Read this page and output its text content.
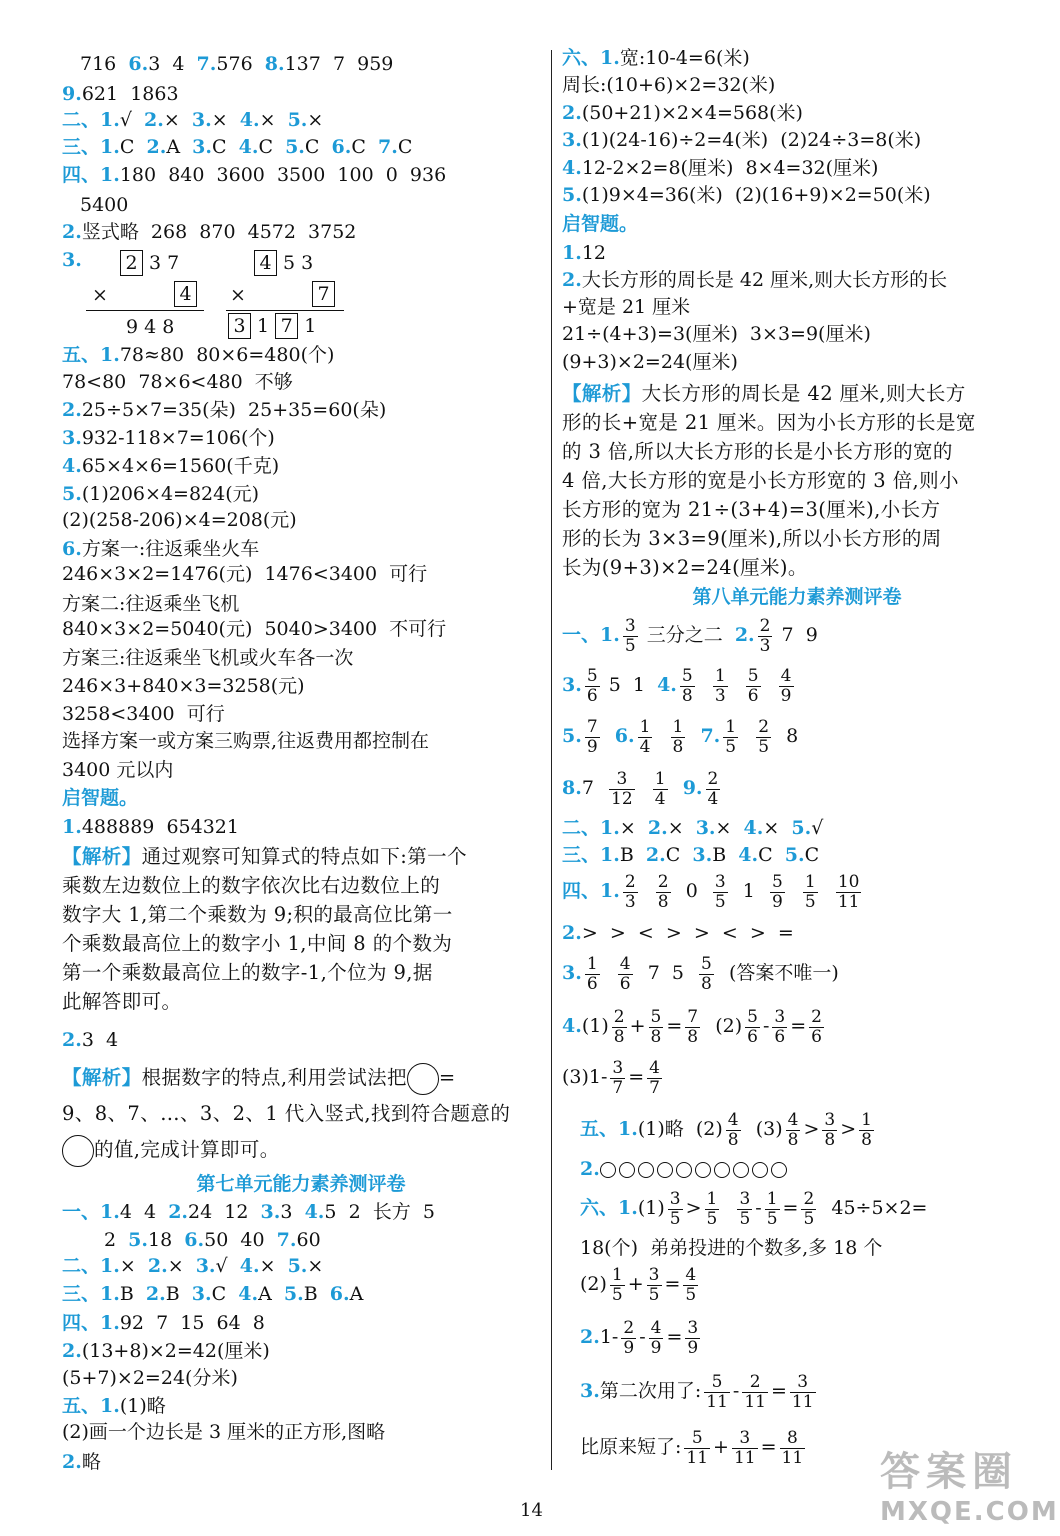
716  6.3  4  7.576  8.137  7  959
9.621  1863
二、1.√  2.×  3.×  4.×  5.×
三、1.C  2.A  3.C  4.C  5.C  6.C  7.C
四、1.180  840  3600  3500  100  0  936
5400
2.竖式略  268  870  4572  3752
3. 2 3 7	4 5 3
×	4 ×	7
9 4 8	3 1 7 1
五、1.78≈80  80×6=480(个)
78<80  78×6<480  不够
2.25÷5×7=35(朵)  25+35=60(朵)
3.932-118×7=106(个)
4.65×4×6=1560(千克)
5.(1)206×4=824(元)
(2)(258-206)×4=208(元)
6.方案一:往返乘坐火车
246×3×2=1476(元)  1476<3400  可行
方案二:往返乘坐飞机
840×3×2=5040(元)  5040>3400  不可行
方案三:往返乘坐飞机或火车各一次
246×3+840×3=3258(元)
3258<3400  可行
选择方案一或方案三购票,往返费用都控制在
3400 元以内
启智题。
1.488889  654321
【解析】通过观察可知算式的特点如下:第一个
乘数左边数位上的数字依次比右边数位上的
数字大 1,第二个乘数为 9;积的最高位比第一
个乘数最高位上的数字小 1,中间 8 的个数为
第一个乘数最高位上的数字-1,个位为 9,据
此解答即可。
2.3  4
【解析】根据数字的特点,利用尝试法把 =
9、8、7、…、3、2、1 代入竖式,找到符合题意的
的值,完成计算即可。
第七单元能力素养测评卷
一、1.4  4  2.24  12  3.3  4.5  2  长方  5
2  5.18  6.50  40  7.60
二、1.×  2.×  3.√  4.×  5.×
三、1.B  2.B  3.C  4.A  5.B  6.A
四、1.92  7  15  64  8
2.(13+8)×2=42(厘米)
(5+7)×2=24(分米)
五、1.(1)略
(2)画一个边长是 3 厘米的正方形,图略
2.略
六、1.宽:10-4=6(米)
周长:(10+6)×2=32(米)
2.(50+21)×2×4=568(米)
3.(1)(24-16)÷2=4(米)  (2)24÷3=8(米)
4.12-2×2=8(厘米)  8×4=32(厘米)
5.(1)9×4=36(米)  (2)(16+9)×2=50(米)
启智题。
1.12
2.大长方形的周长是 42 厘米,则大长方形的长
+宽是 21 厘米
21÷(4+3)=3(厘米)  3×3=9(厘米)
(9+3)×2=24(厘米)
【解析】大长方形的周长是 42 厘米,则大长方
形的长+宽是 21 厘米。因为小长方形的长是宽
的 3 倍,所以大长方形的长是小长方形的宽的
4 倍,大长方形的宽是小长方形宽的 3 倍,则小
长方形的宽为 21÷(3+4)=3(厘米),小长方
形的长为 3×3=9(厘米),所以小长方形的周
长为(9+3)×2=24(厘米)。
第八单元能力素养测评卷
一、1. $\frac{3}{5}$ 三分之二  2. $\frac{2}{3} 7$  9
3. $\frac{5}{6} 5$  1  4. $\frac{5}{8}$
$\frac{1}{3}$
$\frac{5}{6}$
$\frac{4}{9}$
5. $\frac{7}{9} 6$. $\frac{1}{4}$
$\frac{1}{8} 7$. $\frac{1}{5}$
$\frac{2}{5} 8$
$8.7 \frac{3}{12}$
$\frac{1}{4} 9$. $\frac{2}{4}$
二、1.×  2.×  3.×  4.×  5.√
三、1.B  2.C  3.B  4.C  5.C
四、1. $\frac{2}{3}$
$\frac{2}{8} 0 \frac{3}{5} 1 \frac{5}{9}$
$\frac{1}{5}$
$\frac{10}{11}$
2.>  >  <  >  >  <  >  =
3. $\frac{1}{6}$
$\frac{4}{6} 7$  $5 \frac{5}{8}$ (答案不唯一)
$4.(1) \frac{2}{8} + \frac{5}{8} = \frac{7}{8} (2) \frac{5}{6} - \frac{3}{6} = \frac{2}{6}$
$(3)1- \frac{3}{7} = \frac{4}{7}$
五、1.(1)略  $(2) \frac{4}{8} (3) \frac{4}{8} > \frac{3}{8} > \frac{1}{8}$
2.
六、$1.(1) \frac{3}{5} > \frac{1}{5}$
$\frac{3}{5} - \frac{1}{5} = \frac{2}{5} 45\div 5\times 2=$
18(个)  弟弟投进的个数多,多 18 个
$(2) \frac{1}{5} + \frac{3}{5} = \frac{4}{5}$
$2.1- \frac{2}{9} - \frac{4}{9} = \frac{3}{9}$
3.第二次用了: $\frac{5}{11} - \frac{2}{11} = \frac{3}{11}$
比原来短了: $\frac{5}{11} + \frac{3}{11} = \frac{8}{11}$
14
答案圈
MXQE.COM
